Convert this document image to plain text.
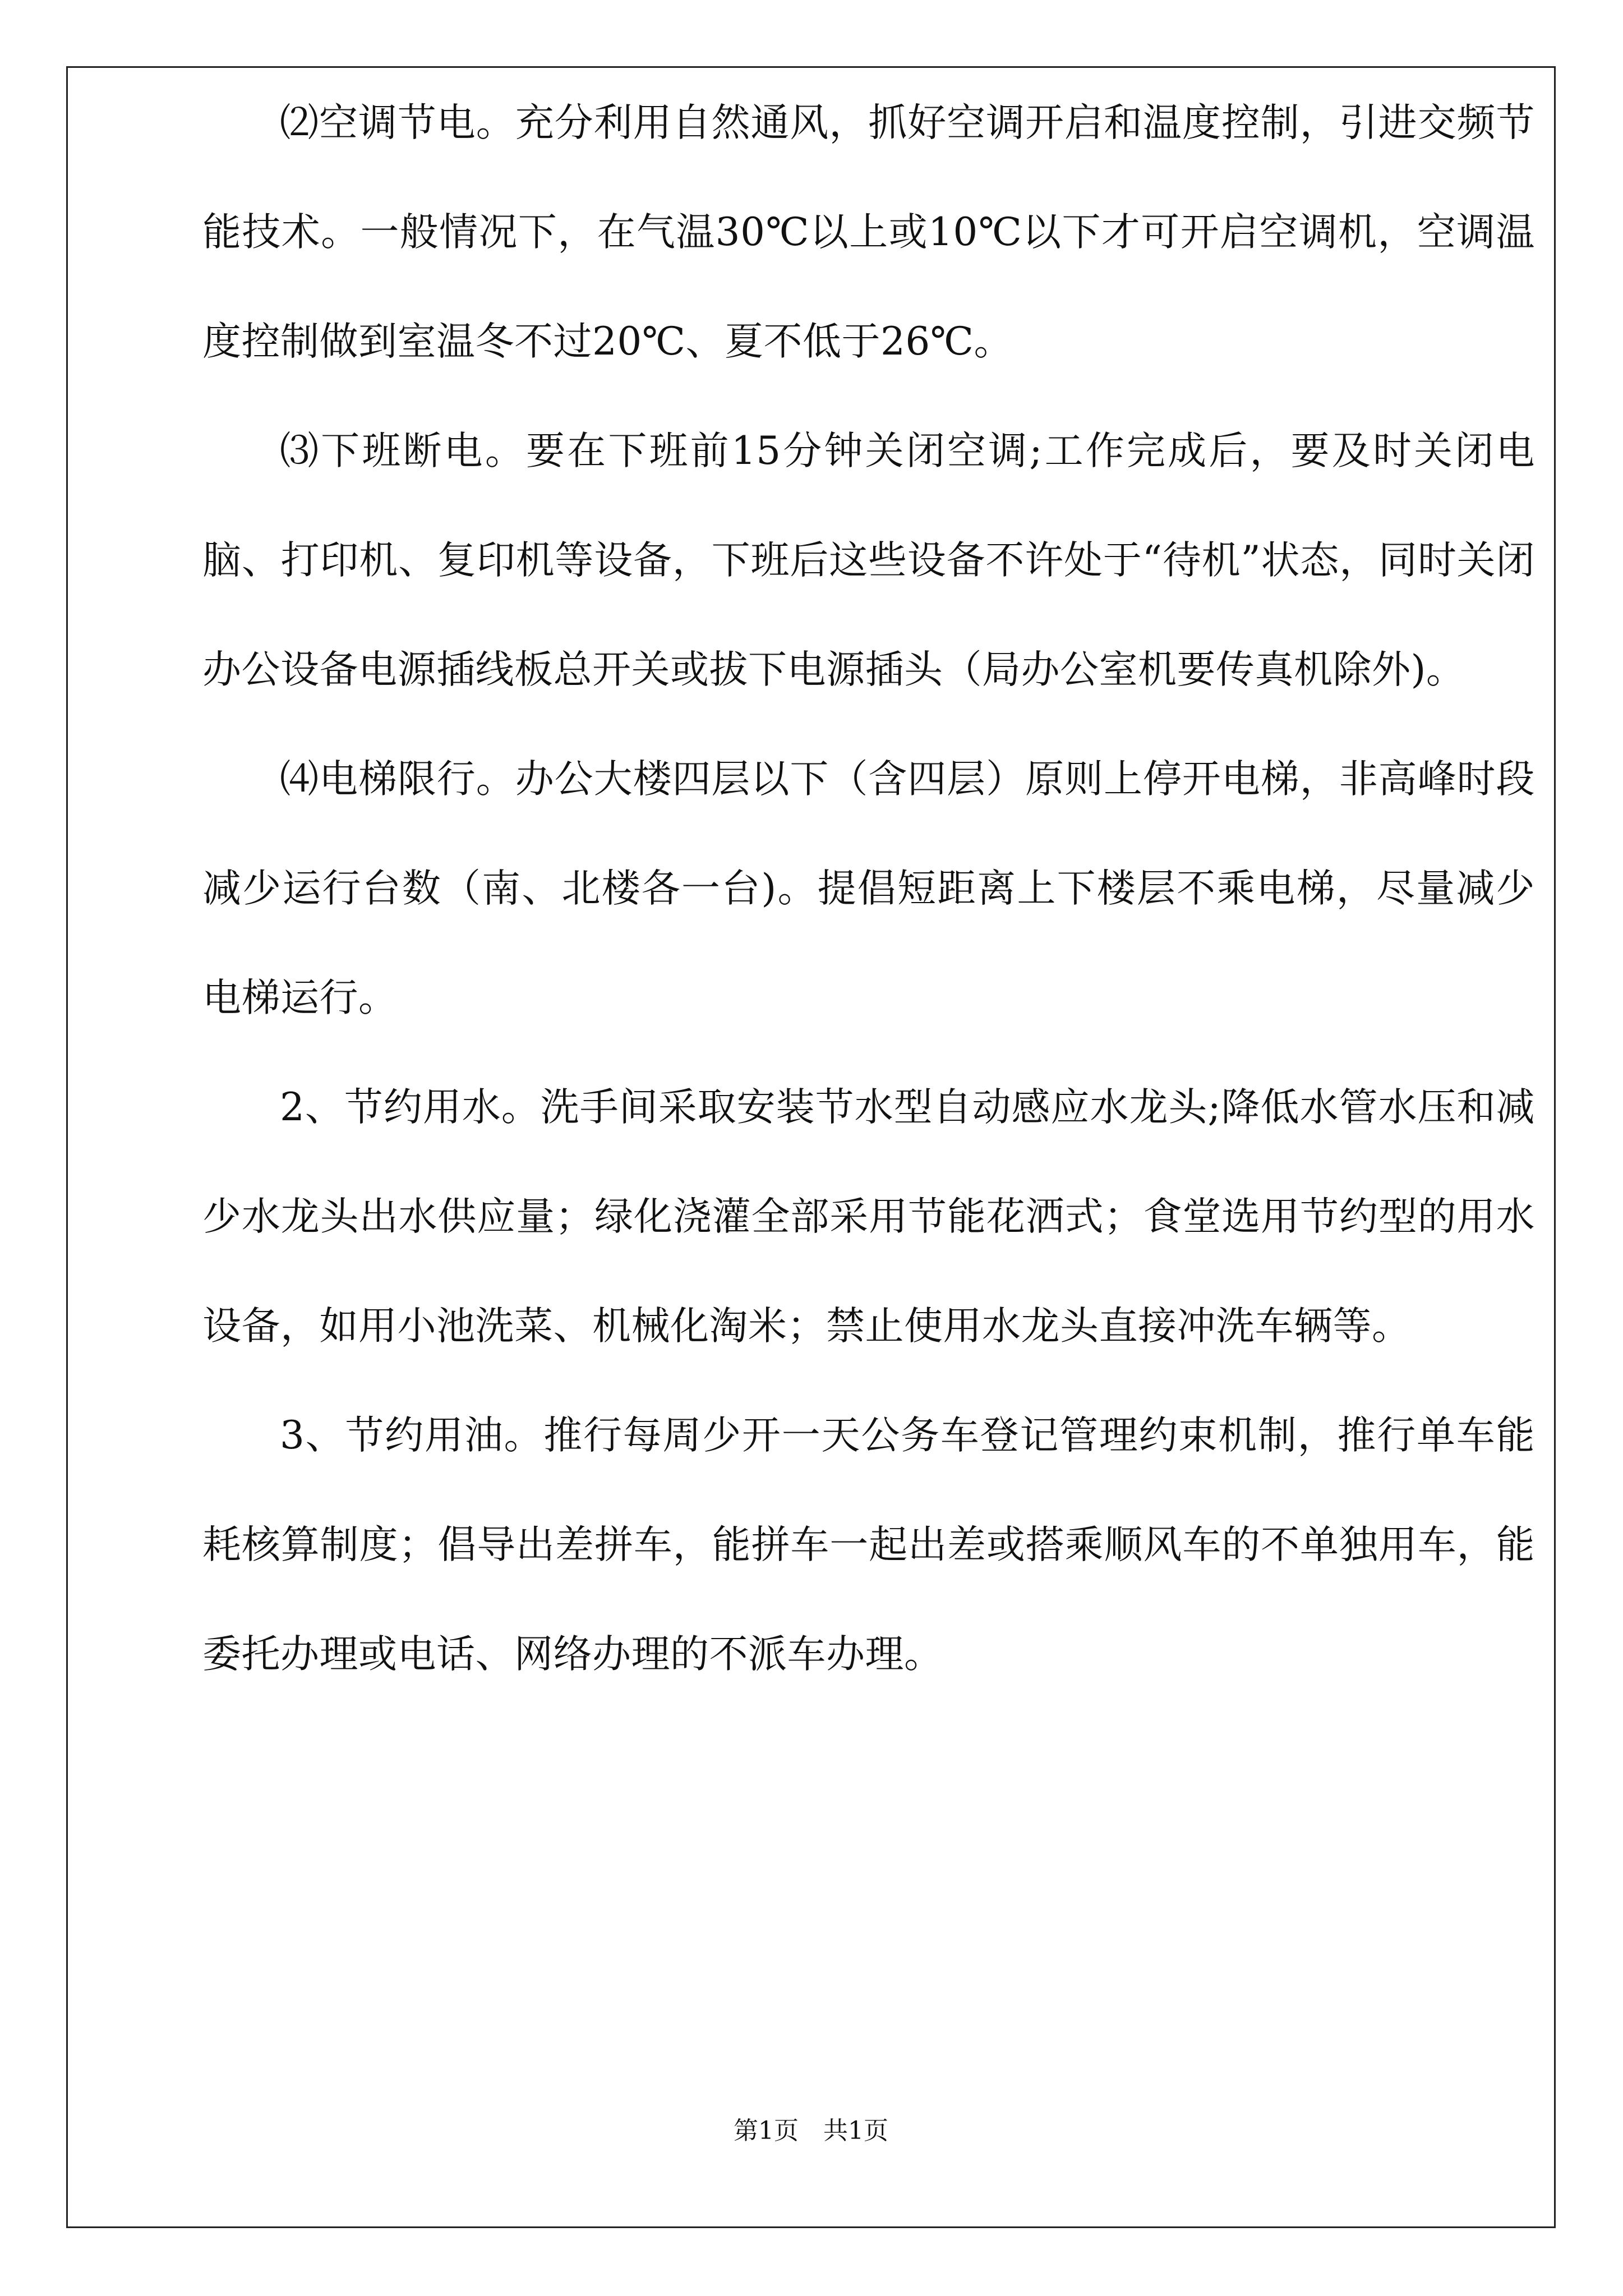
⑵空调节电。充分利用自然通风，抓好空调开启和温度控制，引进交频节能技术。一般情况下，在气温30℃以上或10℃以下才可开启空调机，空调温度控制做到室温冬不过20℃、夏不低于26℃。

⑶下班断电。要在下班前15分钟关闭空调;工作完成后，要及时关闭电脑、打印机、复印机等设备，下班后这些设备不许处于“待机”状态，同时关闭办公设备电源插线板总开关或拔下电源插头（局办公室机要传真机除外)。

⑷电梯限行。办公大楼四层以下（含四层）原则上停开电梯，非高峰时段减少运行台数（南、北楼各一台)。提倡短距离上下楼层不乘电梯，尽量减少电梯运行。

2、节约用水。洗手间采取安装节水型自动感应水龙头;降低水管水压和减少水龙头出水供应量；绿化浇灌全部采用节能花洒式；食堂选用节约型的用水设备，如用小池洗菜、机械化淘米；禁止使用水龙头直接冲洗车辆等。

3、节约用油。推行每周少开一天公务车登记管理约束机制，推行单车能耗核算制度；倡导出差拼车，能拼车一起出差或搭乘顺风车的不单独用车，能委托办理或电话、网络办理的不派车办理。

第1页　共1页
